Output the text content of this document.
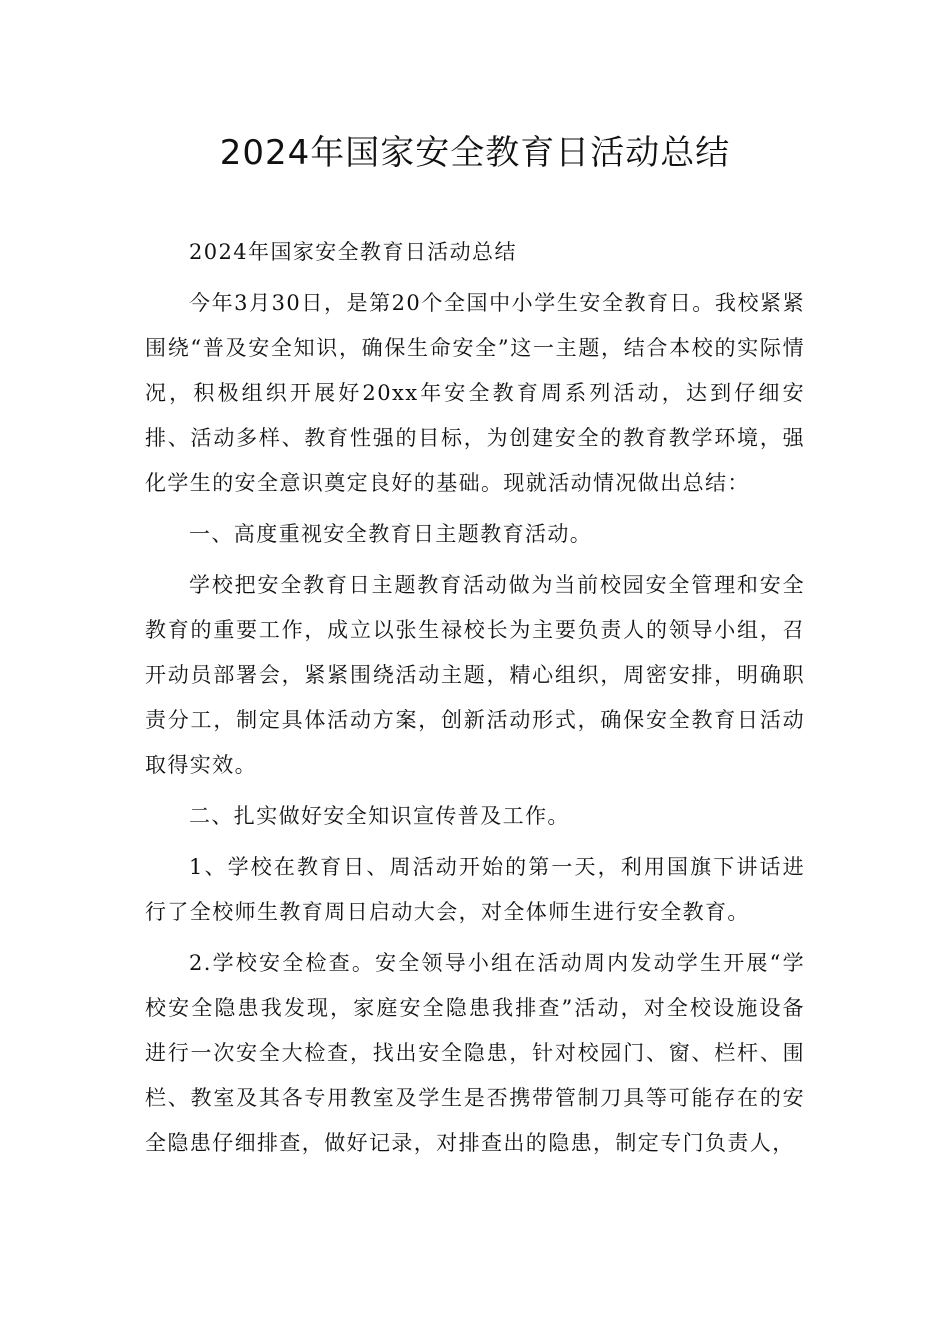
2024年国家安全教育日活动总结

2024年国家安全教育日活动总结

今年3月30日，是第20个全国中小学生安全教育日。我校紧紧围绕“普及安全知识，确保生命安全”这一主题，结合本校的实际情况，积极组织开展好20xx年安全教育周系列活动，达到仔细安排、活动多样、教育性强的目标，为创建安全的教育教学环境，强化学生的安全意识奠定良好的基础。现就活动情况做出总结：

一、高度重视安全教育日主题教育活动。

学校把安全教育日主题教育活动做为当前校园安全管理和安全教育的重要工作，成立以张生禄校长为主要负责人的领导小组，召开动员部署会，紧紧围绕活动主题，精心组织，周密安排，明确职责分工，制定具体活动方案，创新活动形式，确保安全教育日活动取得实效。

二、扎实做好安全知识宣传普及工作。

1、学校在教育日、周活动开始的第一天，利用国旗下讲话进行了全校师生教育周日启动大会，对全体师生进行安全教育。

2.学校安全检查。安全领导小组在活动周内发动学生开展“学校安全隐患我发现，家庭安全隐患我排查”活动，对全校设施设备进行一次安全大检查，找出安全隐患，针对校园门、窗、栏杆、围栏、教室及其各专用教室及学生是否携带管制刀具等可能存在的安全隐患仔细排查，做好记录，对排查出的隐患，制定专门负责人，
